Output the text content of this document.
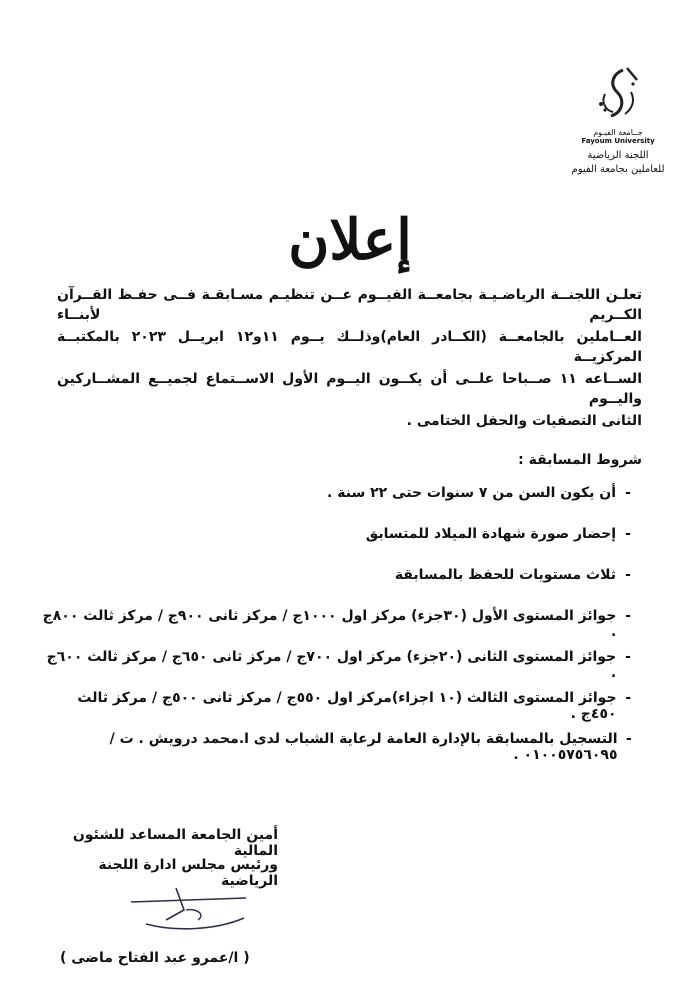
جــامعة الفيـوم
Fayoum University
اللجنة الرياضية
للعاملين بجامعة الفيوم
إعلان
تعلـن اللجنــة الرياضـيـة بجامعــة الفيــوم عــن تنظيـم مسـابقـة فــى حفـظ القــرآن الكــريم لأبنــاء
العــاملين بالجامعــة (الكــادر العام)وذلــك يــوم ١١و١٢ ابريــل ٢٠٢٣ بالمكتبــة المركزيــة
الســاعه ١١ صــباحا علــى أن يكــون اليــوم الأول الاســتماع لجميــع المشــاركين واليــوم
الثانى التصفيات والحفل الختامى .
شروط المسابقة :
-
أن يكون السن من ٧ سنوات حتى ٢٢ سنة .
-
إحضار صورة شهادة الميلاد للمتسابق
-
ثلاث مستويات للحفظ بالمسابقة
-
جوائز المستوى الأول (٣٠جزء) مركز اول ١٠٠٠ج / مركز ثانى ٩٠٠ج / مركز ثالث ٨٠٠ج .
-
جوائز المستوى الثانى (٢٠جزء) مركز اول ٧٠٠ج / مركز ثانى ٦٥٠ج / مركز ثالث ٦٠٠ج .
-
جوائز المستوى الثالث (١٠ اجزاء)مركز اول ٥٥٠ج / مركز ثانى ٥٠٠ج / مركز ثالث ٤٥٠ج .
-
التسجيل بالمسابقة بالإدارة العامة لرعاية الشباب لدى ا.محمد درويش . ت / ٠١٠٠٥٧٥٦٠٩٥ .
أمين الجامعة المساعد للشئون المالية
ورئيس مجلس ادارة اللجنة الرياضية
( ا/عمرو عبد الفتاح ماضى )
